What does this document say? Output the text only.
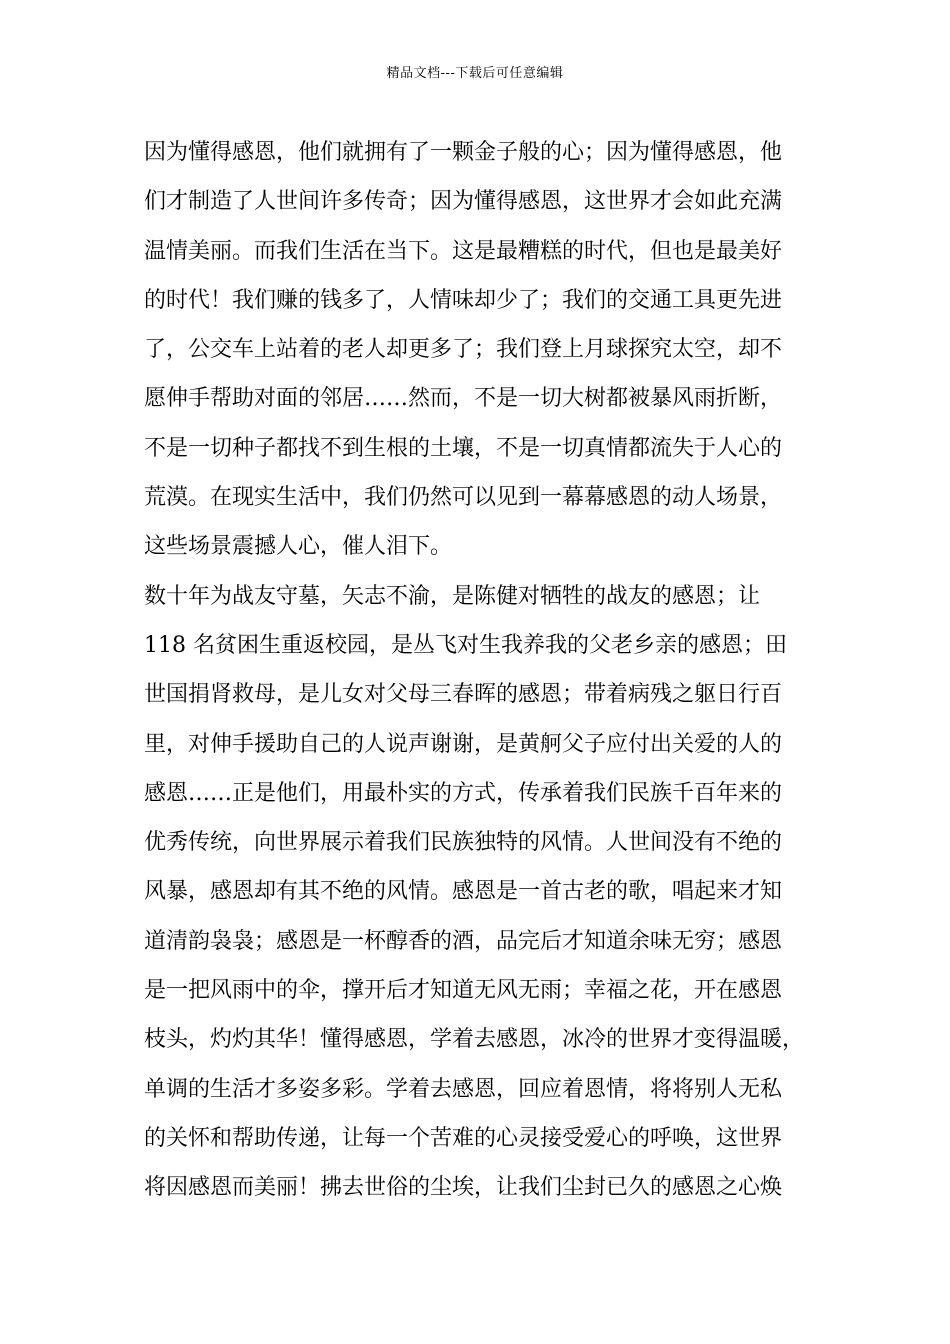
精品文档---下载后可任意编辑
因为懂得感恩，他们就拥有了一颗金子般的心；因为懂得感恩，他
们才制造了人世间许多传奇；因为懂得感恩，这世界才会如此充满
温情美丽。而我们生活在当下。这是最糟糕的时代，但也是最美好
的时代！我们赚的钱多了，人情味却少了；我们的交通工具更先进
了，公交车上站着的老人却更多了；我们登上月球探究太空，却不
愿伸手帮助对面的邻居……然而，不是一切大树都被暴风雨折断，
不是一切种子都找不到生根的土壤，不是一切真情都流失于人心的
荒漠。在现实生活中，我们仍然可以见到一幕幕感恩的动人场景，
这些场景震撼人心，催人泪下。
数十年为战友守墓，矢志不渝，是陈健对牺牲的战友的感恩；让
118 名贫困生重返校园，是丛飞对生我养我的父老乡亲的感恩；田
世国捐肾救母，是儿女对父母三春晖的感恩；带着病残之躯日行百
里，对伸手援助自己的人说声谢谢，是黄舸父子应付出关爱的人的
感恩……正是他们，用最朴实的方式，传承着我们民族千百年来的
优秀传统，向世界展示着我们民族独特的风情。人世间没有不绝的
风暴，感恩却有其不绝的风情。感恩是一首古老的歌，唱起来才知
道清韵袅袅；感恩是一杯醇香的酒，品完后才知道余味无穷；感恩
是一把风雨中的伞，撑开后才知道无风无雨；幸福之花，开在感恩
枝头，灼灼其华！懂得感恩，学着去感恩，冰冷的世界才变得温暖，
单调的生活才多姿多彩。学着去感恩，回应着恩情，将将别人无私
的关怀和帮助传递，让每一个苦难的心灵接受爱心的呼唤，这世界
将因感恩而美丽！拂去世俗的尘埃，让我们尘封已久的感恩之心焕
